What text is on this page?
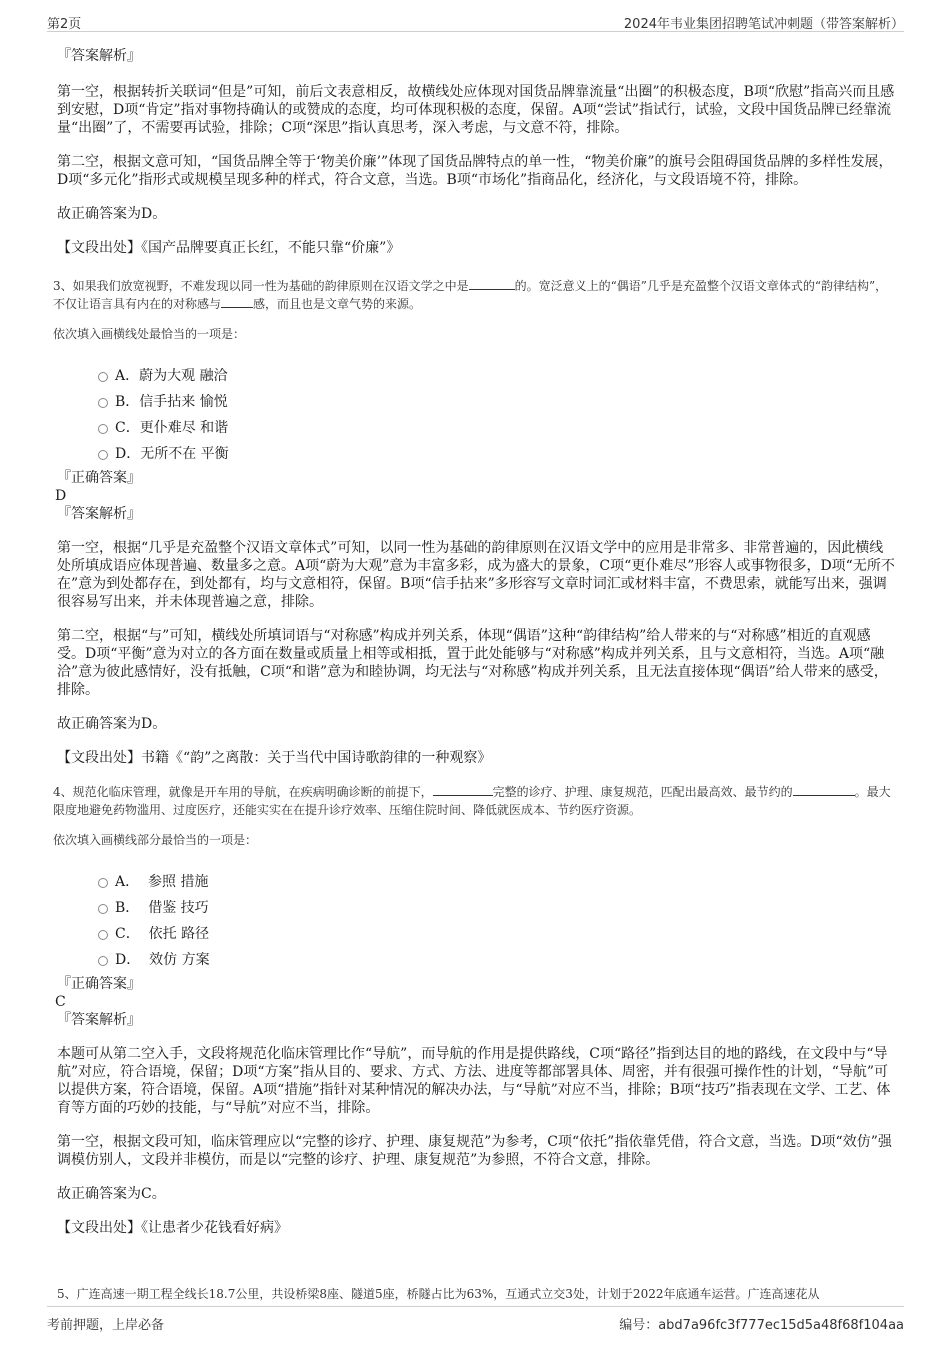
第2页	2024年韦业集团招聘笔试冲刺题（带答案解析）

『答案解析』

第一空，根据转折关联词“但是”可知，前后文表意相反，故横线处应体现对国货品牌靠流量“出圈”的积极态度，B项“欣慰”指高兴而且感到安慰，D项“肯定”指对事物持确认的或赞成的态度，均可体现积极的态度，保留。A项“尝试”指试行，试验，文段中国货品牌已经靠流量“出圈”了，不需要再试验，排除；C项“深思”指认真思考，深入考虑，与文意不符，排除。

第二空，根据文意可知，“国货品牌全等于‘物美价廉’”体现了国货品牌特点的单一性，“物美价廉”的旗号会阻碍国货品牌的多样性发展，D项“多元化”指形式或规模呈现多种的样式，符合文意，当选。B项“市场化”指商品化，经济化，与文段语境不符，排除。

故正确答案为D。

【文段出处】《国产品牌要真正长红，不能只靠“价廉”》

3、如果我们放宽视野，不难发现以同一性为基础的韵律原则在汉语文学之中是	的。宽泛意义上的“偶语”几乎是充盈整个汉语文章体式的“韵律结构”，不仅让语言具有内在的对称感与	感，而且也是文章气势的来源。

依次填入画横线处最恰当的一项是：

A．蔚为大观 融洽
B．信手拈来 愉悦
C．更仆难尽 和谐
D．无所不在 平衡

『正确答案』

D

『答案解析』

第一空，根据“几乎是充盈整个汉语文章体式”可知，以同一性为基础的韵律原则在汉语文学中的应用是非常多、非常普遍的，因此横线处所填成语应体现普遍、数量多之意。A项“蔚为大观”意为丰富多彩，成为盛大的景象，C项“更仆难尽”形容人或事物很多，D项“无所不在”意为到处都存在，到处都有，均与文意相符，保留。B项“信手拈来”多形容写文章时词汇或材料丰富，不费思索，就能写出来，强调很容易写出来，并未体现普遍之意，排除。

第二空，根据“与”可知，横线处所填词语与“对称感”构成并列关系，体现“偶语”这种“韵律结构”给人带来的与“对称感”相近的直观感受。D项“平衡”意为对立的各方面在数量或质量上相等或相抵，置于此处能够与“对称感”构成并列关系，且与文意相符，当选。A项“融洽”意为彼此感情好，没有抵触，C项“和谐”意为和睦协调，均无法与“对称感”构成并列关系，且无法直接体现“偶语”给人带来的感受，排除。

故正确答案为D。

【文段出处】书籍《“韵”之离散：关于当代中国诗歌韵律的一种观察》

4、规范化临床管理，就像是开车用的导航，在疾病明确诊断的前提下，	完整的诊疗、护理、康复规范，匹配出最高效、最节约的	。最大限度地避免药物滥用、过度医疗，还能实实在在提升诊疗效率、压缩住院时间、降低就医成本、节约医疗资源。

依次填入画横线部分最恰当的一项是：

A． 参照 措施
B． 借鉴 技巧
C． 依托 路径
D． 效仿 方案

『正确答案』

C

『答案解析』

本题可从第二空入手，文段将规范化临床管理比作“导航”，而导航的作用是提供路线，C项“路径”指到达目的地的路线，在文段中与“导航”对应，符合语境，保留；D项“方案”指从目的、要求、方式、方法、进度等都部署具体、周密，并有很强可操作性的计划，“导航”可以提供方案，符合语境，保留。A项“措施”指针对某种情况的解决办法，与“导航”对应不当，排除；B项“技巧”指表现在文学、工艺、体育等方面的巧妙的技能，与“导航”对应不当，排除。

第一空，根据文段可知，临床管理应以“完整的诊疗、护理、康复规范”为参考，C项“依托”指依靠凭借，符合文意，当选。D项“效仿”强调模仿别人，文段并非模仿，而是以“完整的诊疗、护理、康复规范”为参照，不符合文意，排除。

故正确答案为C。

【文段出处】《让患者少花钱看好病》

5、广连高速一期工程全线长18.7公里，共设桥梁8座、隧道5座，桥隧占比为63%，互通式立交3处，计划于2022年底通车运营。广连高速花从

考前押题，上岸必备	编号：abd7a96fc3f777ec15d5a48f68f104aa
